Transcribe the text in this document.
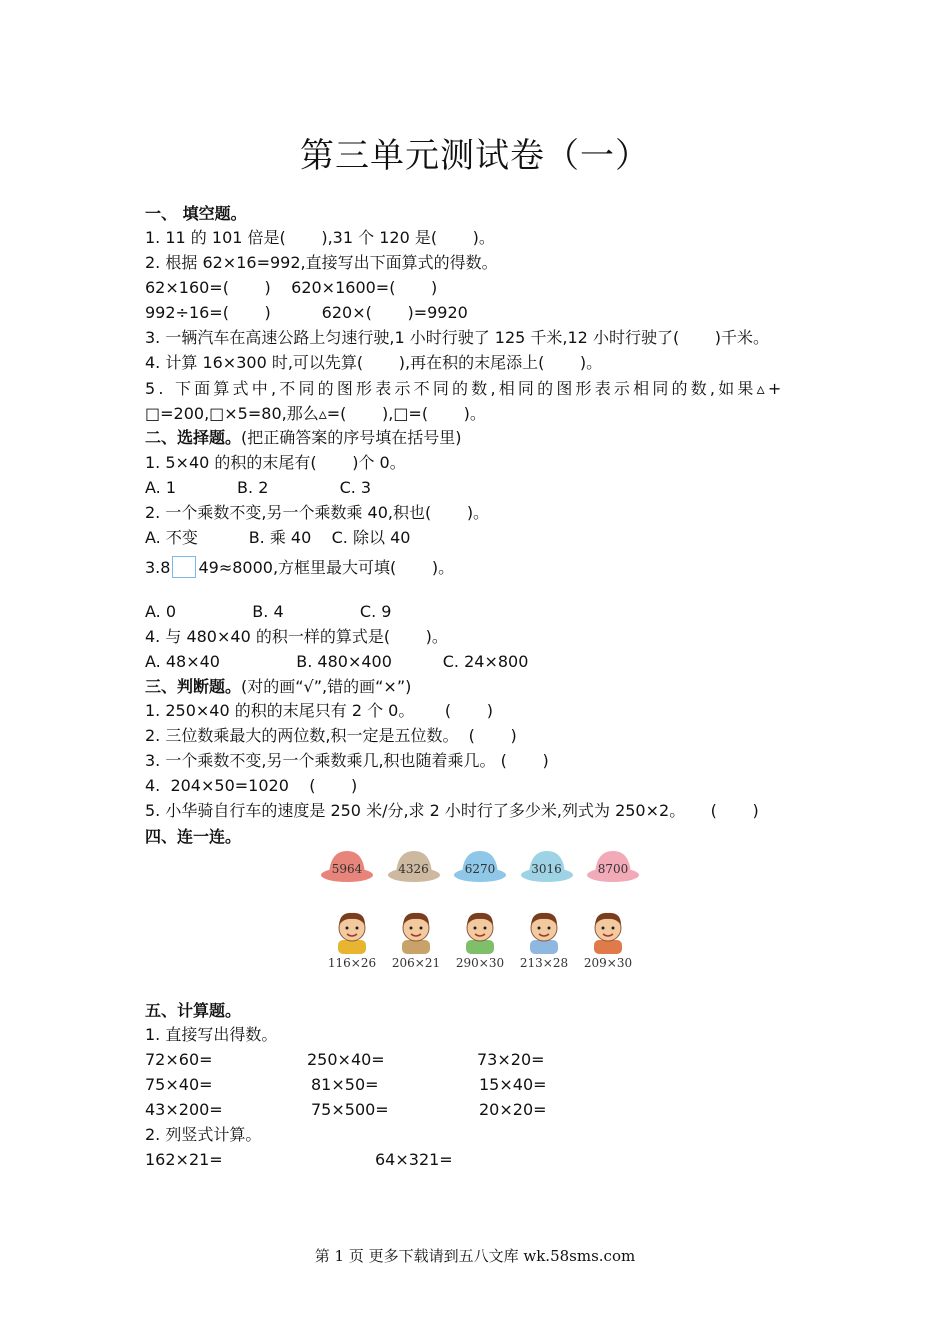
第三单元测试卷（一）
一、 填空题。
1. 11 的 101 倍是(       ),31 个 120 是(       )。
2. 根据 62×16=992,直接写出下面算式的得数。
62×160=(       )    620×1600=(       )
992÷16=(       )          620×(       )=9920
3. 一辆汽车在高速公路上匀速行驶,1 小时行驶了 125 千米,12 小时行驶了(       )千米。
4. 计算 16×300 时,可以先算(       ),再在积的末尾添上(       )。
5. 下面算式中,不同的图形表示不同的数,相同的图形表示相同的数,如果▵+
□=200,□×5=80,那么▵=(       ),□=(       )。
二、选择题。(把正确答案的序号填在括号里)
1. 5×40 的积的末尾有(       )个 0。
A. 1            B. 2              C. 3
2. 一个乘数不变,另一个乘数乘 40,积也(       )。
A. 不变          B. 乘 40    C. 除以 40
3.8 49≈8000,方框里最大可填(       )。
A. 0               B. 4               C. 9
4. 与 480×40 的积一样的算式是(       )。
A. 48×40               B. 480×400          C. 24×800
三、判断题。(对的画“√”,错的画“×”)
1. 250×40 的积的末尾只有 2 个 0。      (       )
2. 三位数乘最大的两位数,积一定是五位数。  (       )
3. 一个乘数不变,另一个乘数乘几,积也随着乘几。 (       )
4.  204×50=1020    (       )
5. 小华骑自行车的速度是 250 米/分,求 2 小时行了多少米,列式为 250×2。     (       )
四、连一连。
5964	4326	6270	3016	8700
116×26	206×21	290×30	213×28	209×30
五、计算题。
1. 直接写出得数。
72×60=	250×40=	73×20=
75×40=	81×50=	15×40=
43×200=	75×500=	20×20=
2. 列竖式计算。
162×21=	64×321=
第 1 页 更多下载请到五八文库 wk.58sms.com
